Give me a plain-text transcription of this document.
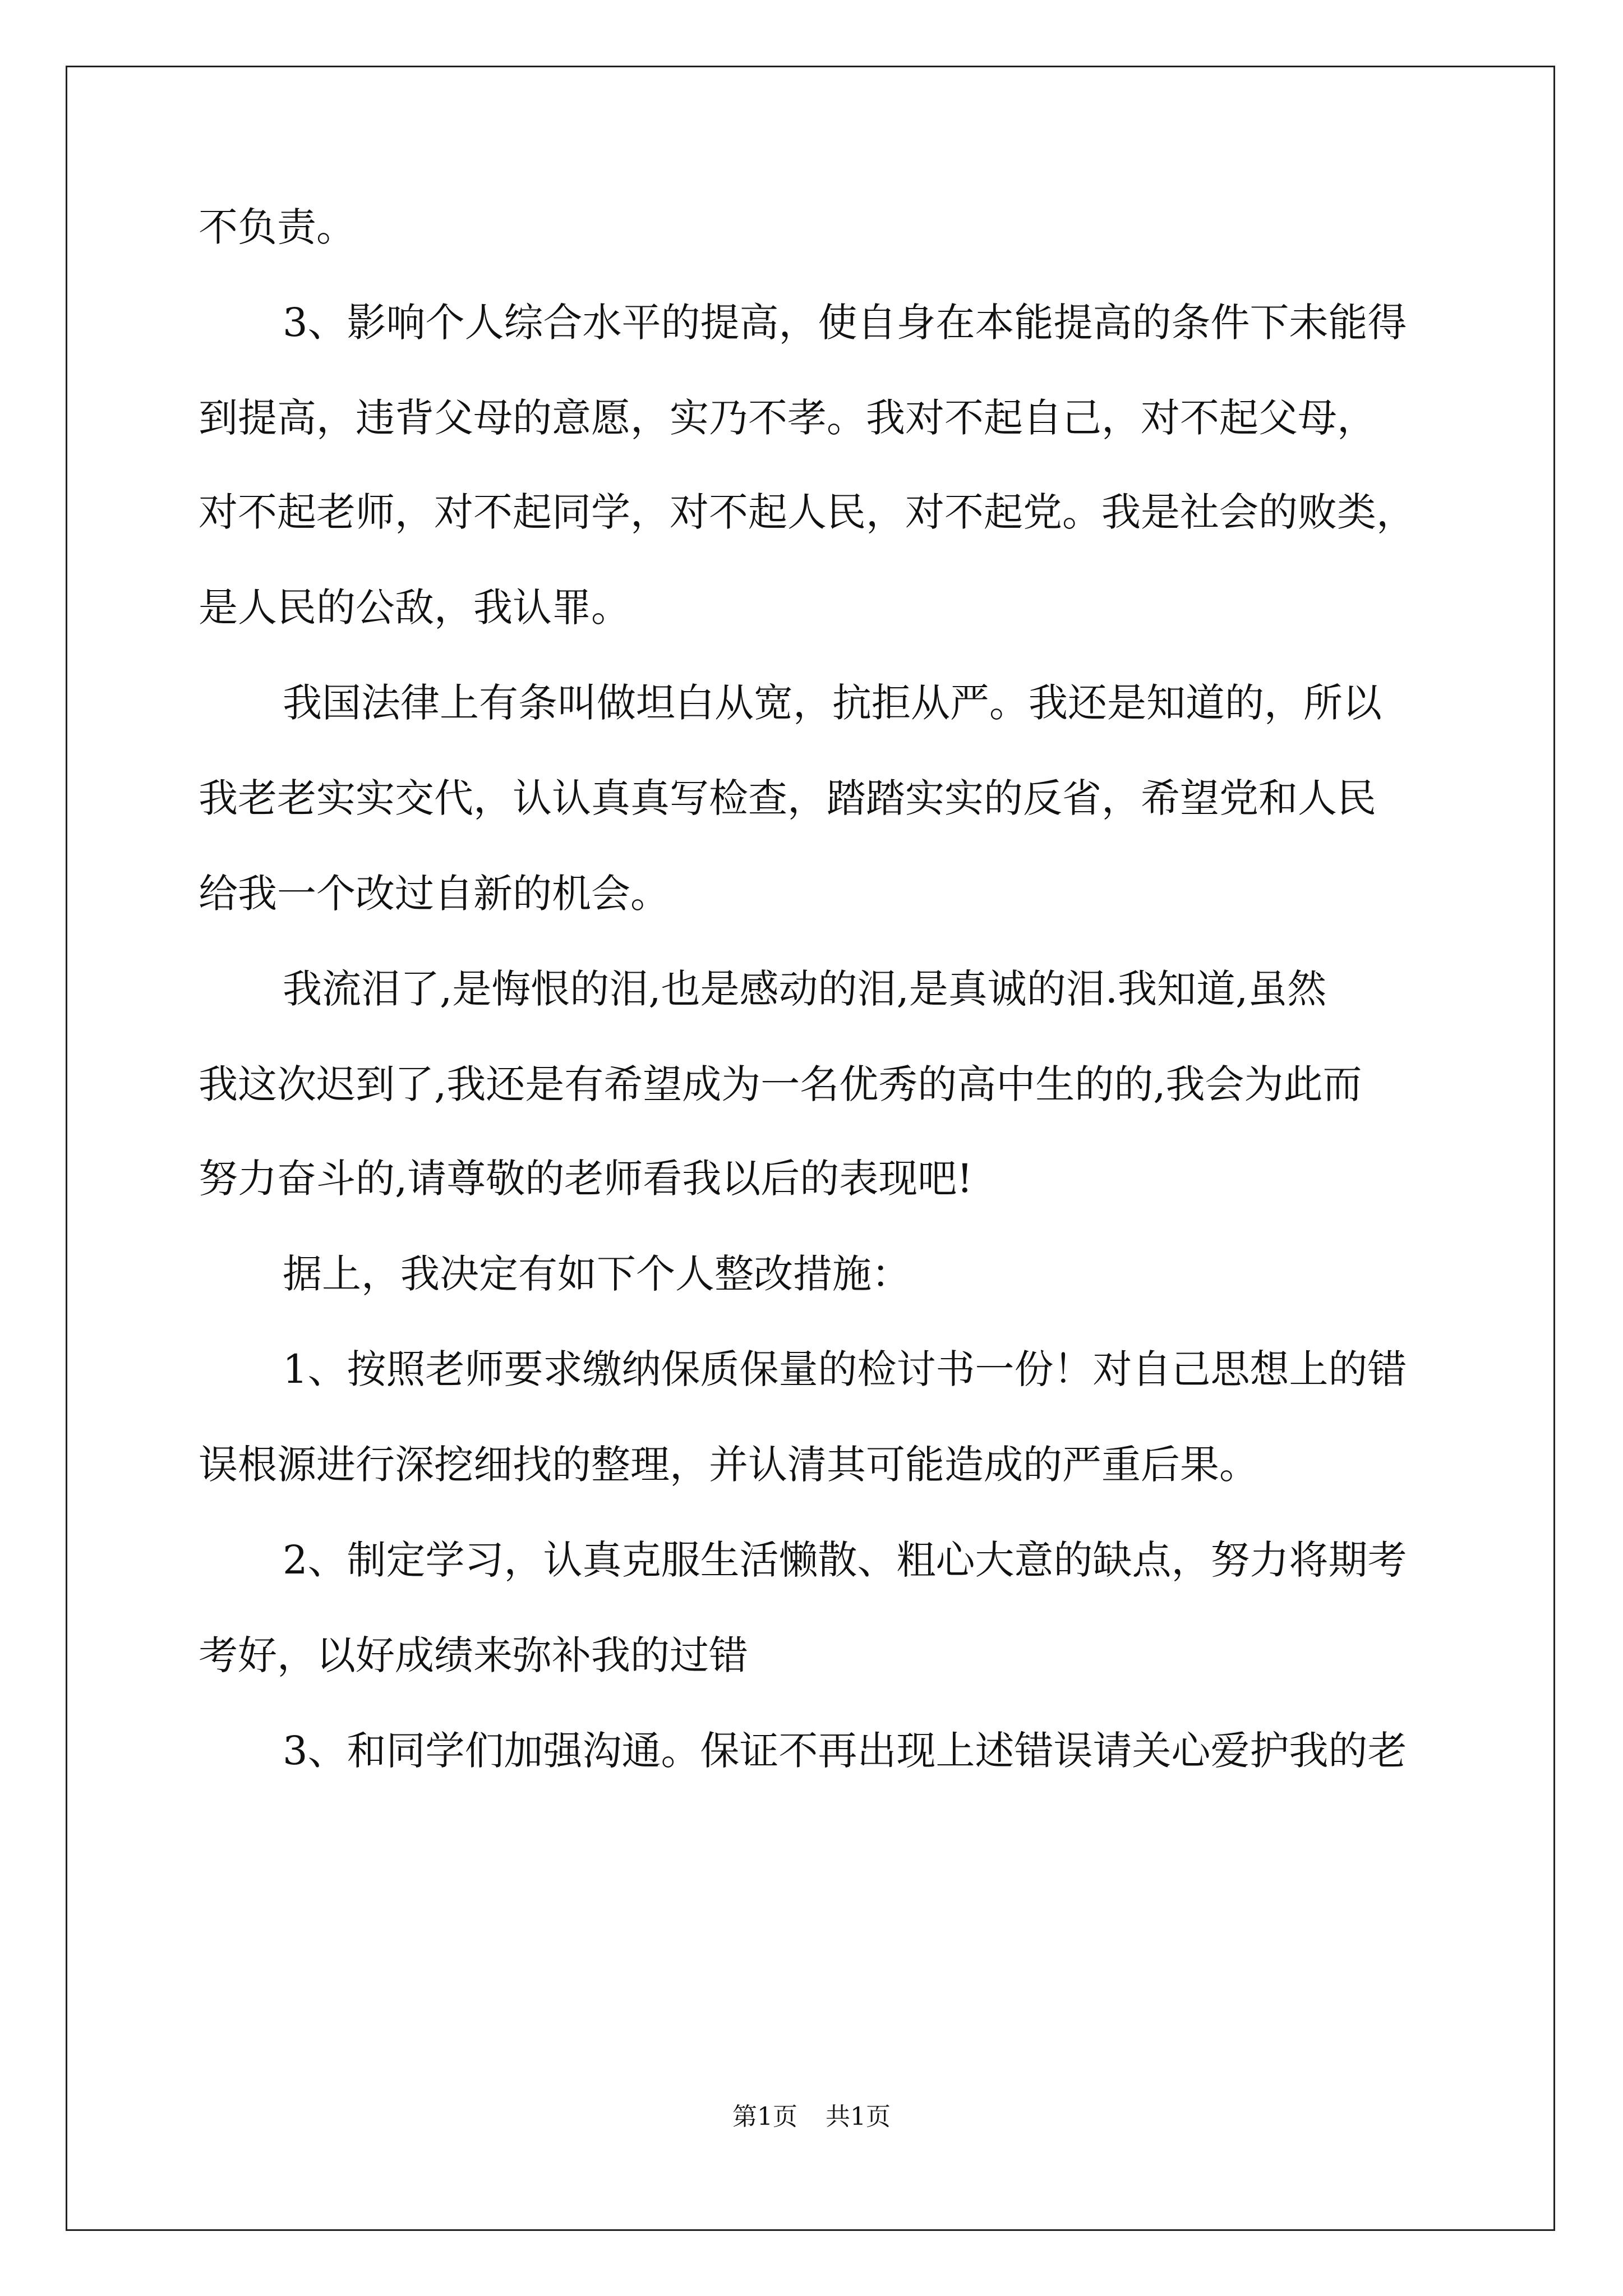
不负责。
3、影响个人综合水平的提高，使自身在本能提高的条件下未能得
到提高，违背父母的意愿，实乃不孝。我对不起自己，对不起父母，
对不起老师，对不起同学，对不起人民，对不起党。我是社会的败类，
是人民的公敌，我认罪。
我国法律上有条叫做坦白从宽，抗拒从严。我还是知道的，所以
我老老实实交代，认认真真写检查，踏踏实实的反省，希望党和人民
给我一个改过自新的机会。
我流泪了,是悔恨的泪,也是感动的泪,是真诚的泪.我知道,虽然
我这次迟到了,我还是有希望成为一名优秀的高中生的的,我会为此而
努力奋斗的,请尊敬的老师看我以后的表现吧!
据上，我决定有如下个人整改措施：
1、按照老师要求缴纳保质保量的检讨书一份！对自己思想上的错
误根源进行深挖细找的整理，并认清其可能造成的严重后果。
2、制定学习，认真克服生活懒散、粗心大意的缺点，努力将期考
考好，以好成绩来弥补我的过错
3、和同学们加强沟通。保证不再出现上述错误请关心爱护我的老
第1页 共1页
